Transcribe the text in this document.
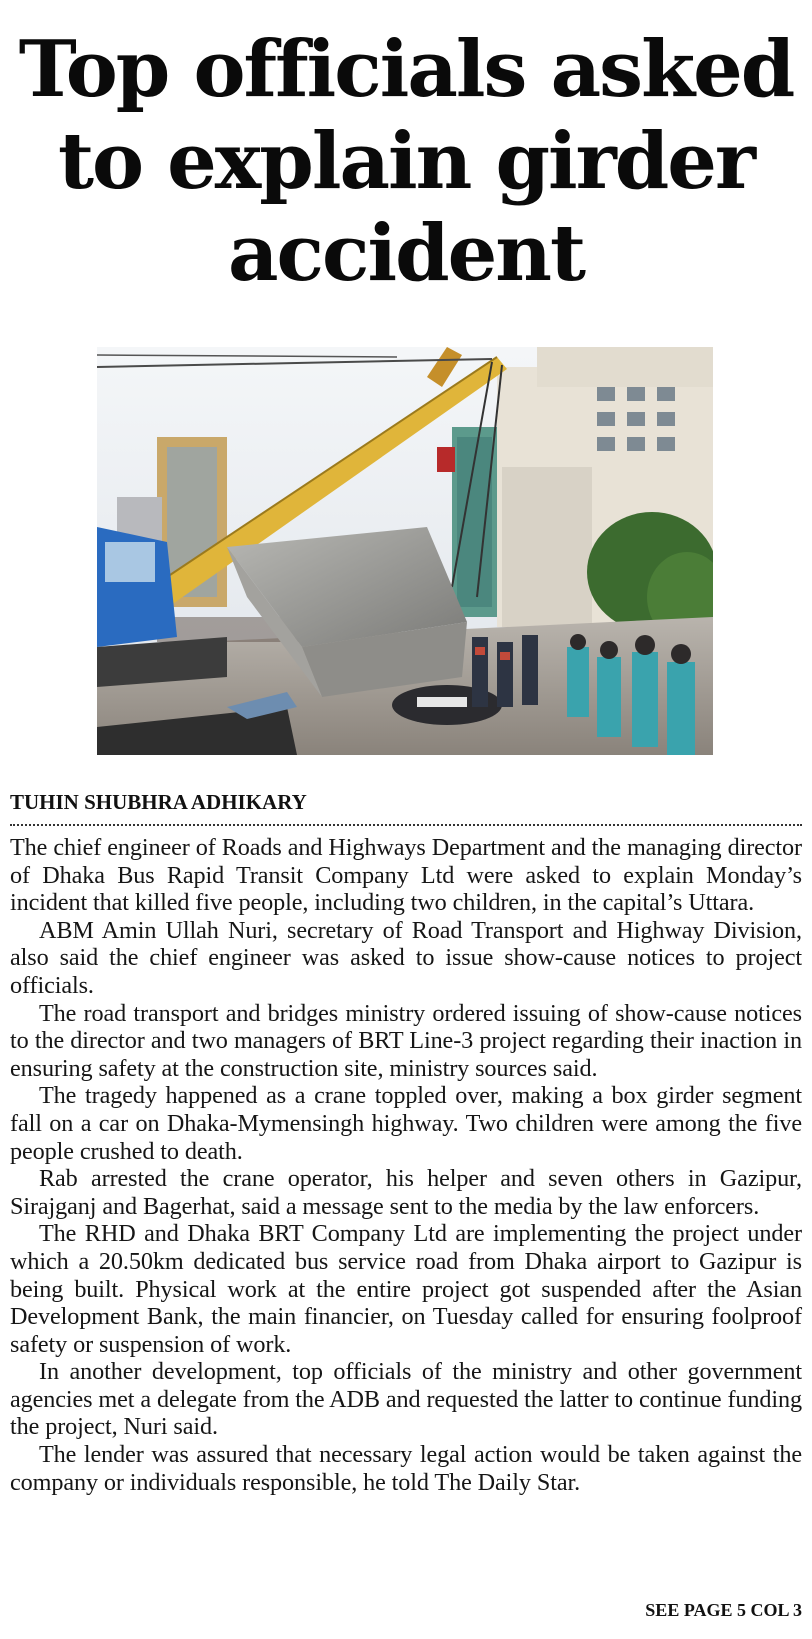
Top officials asked to explain girder accident

TUHIN SHUBHRA ADHIKARY

The chief engineer of Roads and Highways Department and the managing director of Dhaka Bus Rapid Transit Company Ltd were asked to explain Monday’s incident that killed five people, including two children, in the capital’s Uttara.

ABM Amin Ullah Nuri, secretary of Road Transport and Highway Division, also said the chief engineer was asked to issue show-cause notices to project officials.

The road transport and bridges ministry ordered issuing of show-cause notices to the director and two managers of BRT Line-3 project regarding their inaction in ensuring safety at the construction site, ministry sources said.

The tragedy happened as a crane toppled over, making a box girder segment fall on a car on Dhaka-Mymensingh highway. Two children were among the five people crushed to death.

Rab arrested the crane operator, his helper and seven others in Gazipur, Sirajganj and Bagerhat, said a message sent to the media by the law enforcers.

The RHD and Dhaka BRT Company Ltd are implementing the project under which a 20.50km dedicated bus service road from Dhaka airport to Gazipur is being built. Physical work at the entire project got suspended after the Asian Development Bank, the main financier, on Tuesday called for ensuring foolproof safety or suspension of work.

In another development, top officials of the ministry and other government agencies met a delegate from the ADB and requested the latter to continue funding the project, Nuri said.

The lender was assured that necessary legal action would be taken against the company or individuals responsible, he told The Daily Star.

SEE PAGE 5 COL 3
